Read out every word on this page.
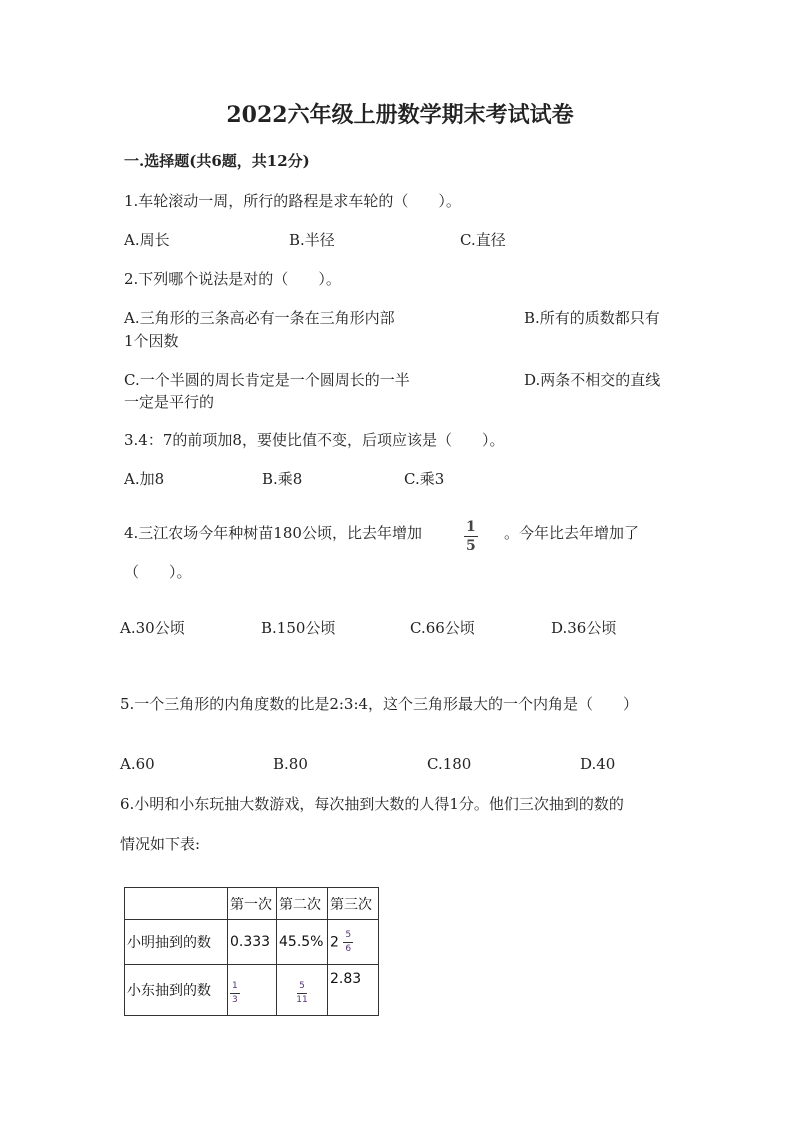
2022六年级上册数学期末考试试卷
一.选择题(共6题，共12分)
1.车轮滚动一周，所行的路程是求车轮的（　　）。
A.周长	B.半径	C.直径
2.下列哪个说法是对的（　　）。
A.三角形的三条高必有一条在三角形内部	B.所有的质数都只有
1个因数
C.一个半圆的周长肯定是一个圆周长的一半	D.两条不相交的直线
一定是平行的
3.4：7的前项加8，要使比值不变，后项应该是（　　）。
A.加8	B.乘8	C.乘3
4.三江农场今年种树苗180公顷，比去年增加	$\frac{1}{5}$ 。今年比去年增加了
（　　）。
A.30公顷	B.150公顷	C.66公顷	D.36公顷
5.一个三角形的内角度数的比是2:3:4，这个三角形最大的一个内角是（　　）
A.60	B.80	C.180	D.40
6.小明和小东玩抽大数游戏，每次抽到大数的人得1分。他们三次抽到的数的
情况如下表:
	第一次	第二次	第三次
小明抽到的数	0.333	45.5%	$2 \frac{5}{6}$

小东抽到的数	$\frac{1}{3}$	$\frac{5}{11}$	2.83
